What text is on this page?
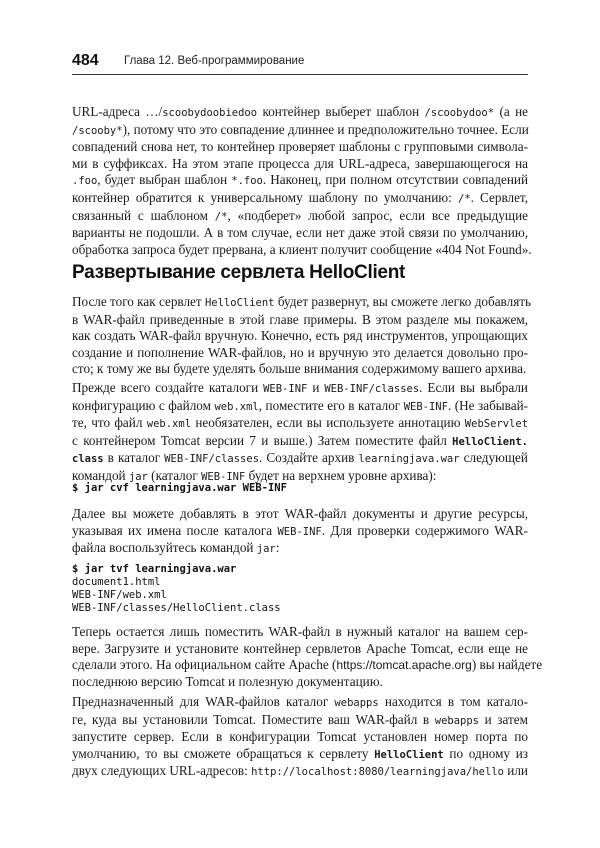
484 Глава 12. Веб-программирование

URL-адреса …/scoobydoobiedoo контейнер выберет шаблон /scoobydoo* (а не
/scooby*), потому что это совпадение длиннее и предположительно точнее. Если
совпадений снова нет, то контейнер проверяет шаблоны с групповыми символа-
ми в суффиксах. На этом этапе процесса для URL-адреса, завершающегося на
.foo, будет выбран шаблон *.foo. Наконец, при полном отсутствии совпадений
контейнер обратится к универсальному шаблону по умолчанию: /*. Сервлет,
связанный с шаблоном /*, «подберет» любой запрос, если все предыдущие
варианты не подошли. А в том случае, если нет даже этой связи по умолчанию,
обработка запроса будет прервана, а клиент получит сообщение «404 Not Found».

Развертывание сервлета HelloClient

После того как сервлет HelloClient будет развернут, вы сможете легко добавлять
в WAR-файл приведенные в этой главе примеры. В этом разделе мы покажем,
как создать WAR-файл вручную. Конечно, есть ряд инструментов, упрощающих
создание и пополнение WAR-файлов, но и вручную это делается довольно про-
сто; к тому же вы будете уделять больше внимания содержимому вашего архива.

Прежде всего создайте каталоги WEB-INF и WEB-INF/classes. Если вы выбрали
конфигурацию с файлом web.xml, поместите его в каталог WEB-INF. (Не забывай-
те, что файл web.xml необязателен, если вы используете аннотацию WebServlet
с контейнером Tomcat версии 7 и выше.) Затем поместите файл HelloClient.
class в каталог WEB-INF/classes. Создайте архив learningjava.war следующей
командой jar (каталог WEB-INF будет на верхнем уровне архива):

$ jar cvf learningjava.war WEB-INF

Далее вы можете добавлять в этот WAR-файл документы и другие ресурсы,
указывая их имена после каталога WEB-INF. Для проверки содержимого WAR-
файла воспользуйтесь командой jar:

$ jar tvf learningjava.war
document1.html
WEB-INF/web.xml
WEB-INF/classes/HelloClient.class

Теперь остается лишь поместить WAR-файл в нужный каталог на вашем сер-
вере. Загрузите и установите контейнер сервлетов Apache Tomcat, если еще не
сделали этого. На официальном сайте Apache (https://tomcat.apache.org) вы найдете
последнюю версию Tomcat и полезную документацию.

Предназначенный для WAR-файлов каталог webapps находится в том катало-
ге, куда вы установили Tomcat. Поместите ваш WAR-файл в webapps и затем
запустите сервер. Если в конфигурации Tomcat установлен номер порта по
умолчанию, то вы сможете обращаться к сервлету HelloClient по одному из
двух следующих URL-адресов: http://localhost:8080/learningjava/hello или
